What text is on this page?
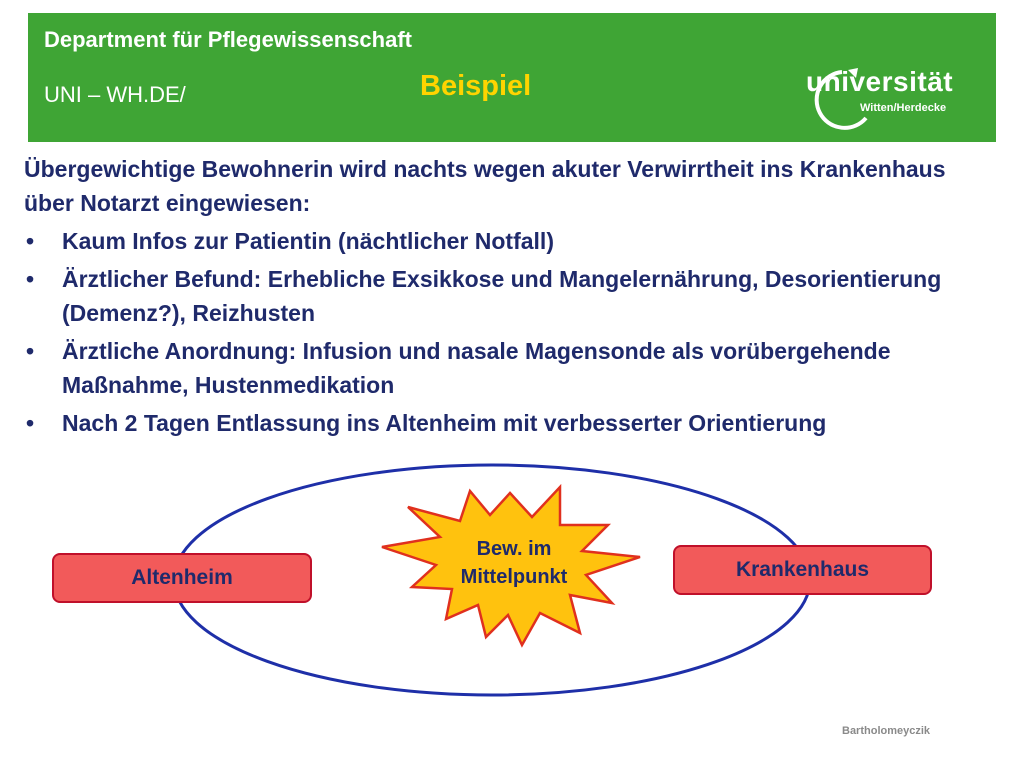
Department für Pflegewissenschaft
UNI – WH.DE/	Beispiel	universität
Witten/Herdecke

Übergewichtige Bewohnerin wird nachts wegen akuter Verwirrtheit ins Krankenhaus über Notarzt eingewiesen:

• Kaum Infos zur Patientin (nächtlicher Notfall)
• Ärztlicher Befund: Erhebliche Exsikkose und Mangelernährung, Desorientierung (Demenz?), Reizhusten
• Ärztliche Anordnung: Infusion und nasale Magensonde als vorübergehende Maßnahme, Hustenmedikation
• Nach 2 Tagen Entlassung ins Altenheim mit verbesserter Orientierung
Altenheim	Krankenhaus
Bew. im
Mittelpunkt
Bartholomeyczik
